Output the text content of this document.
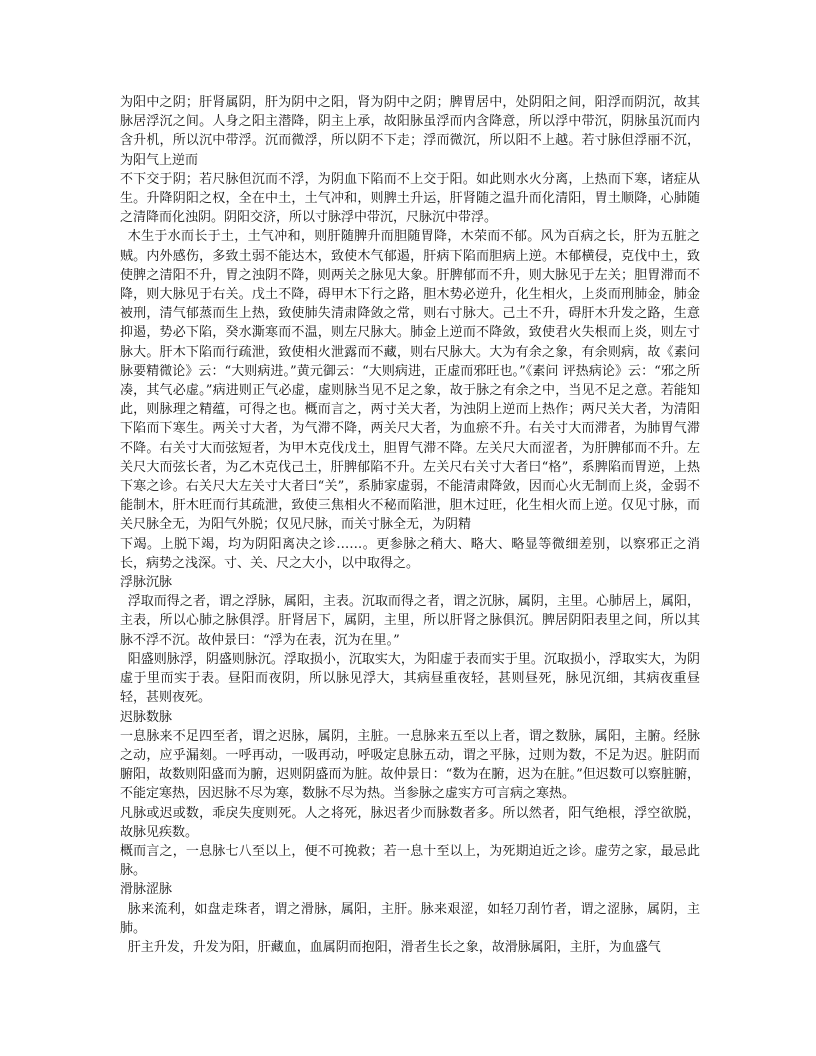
为阳中之阴；肝肾属阴，肝为阴中之阳，肾为阴中之阴；脾胃居中，处阴阳之间，阳浮而阴沉，故其脉居浮沉之间。人身之阳主潜降，阴主上承，故阳脉虽浮而内含降意，所以浮中带沉，阴脉虽沉而内含升机，所以沉中带浮。沉而微浮，所以阴不下走；浮而微沉，所以阳不上越。若寸脉但浮丽不沉，为阳气上逆而

不下交于阴；若尺脉但沉而不浮，为阴血下陷而不上交于阳。如此则水火分离，上热而下寒，诸症从生。升降阴阳之权，全在中土，土气冲和，则脾土升运，肝肾随之温升而化清阳，胃土顺降，心肺随之清降而化浊阴。阴阳交济，所以寸脉浮中带沉，尺脉沉中带浮。

木生于水而长于土，土气冲和，则肝随脾升而胆随胃降，木荣而不郁。风为百病之长，肝为五脏之贼。内外感伤，多致土弱不能达木，致使木气郁遏，肝病下陷而胆病上逆。木郁横侵，克伐中土，致使脾之清阳不升，胃之浊阴不降，则两关之脉见大象。肝脾郁而不升，则大脉见于左关；胆胃滞而不降，则大脉见于右关。戊土不降，碍甲木下行之路，胆木势必逆升，化生相火，上炎而刑肺金，肺金被刑，清气郁蒸而生上热，致使肺失清肃降敛之常，则右寸脉大。己土不升，碍肝木升发之路，生意抑遏，势必下陷，癸水澌寒而不温，则左尺脉大。肺金上逆而不降敛，致使君火失根而上炎，则左寸脉大。肝木下陷而行疏泄，致使相火泄露而不藏，则右尺脉大。大为有余之象，有余则病，故《素问 脉要精微论》云：“大则病进。”黄元御云：“大则病进，正虚而邪旺也。”《素问 评热病论》云：“邪之所凑，其气必虚。”病进则正气必虚，虚则脉当见不足之象，故于脉之有余之中，当见不足之意。若能知此，则脉理之精蕴，可得之也。概而言之，两寸关大者，为浊阴上逆而上热作；两尺关大者，为清阳下陷而下寒生。两关寸大者，为气滞不降，两关尺大者，为血瘀不升。右关寸大而滞者，为肺胃气滞不降。右关寸大而弦短者，为甲木克伐戊土，胆胃气滞不降。左关尺大而涩者，为肝脾郁而不升。左关尺大而弦长者，为乙木克伐己土，肝脾郁陷不升。左关尺右关寸大者曰“格”，系脾陷而胃逆，上热下寒之诊。右关尺大左关寸大者曰“关”，系肺家虚弱，不能清肃降敛，因而心火无制而上炎，金弱不能制木，肝木旺而行其疏泄，致使三焦相火不秘而陷泄，胆木过旺，化生相火而上逆。仅见寸脉，而关尺脉全无，为阳气外脱；仅见尺脉，而关寸脉全无，为阴精

下竭。上脱下竭，均为阴阳离决之诊……。更参脉之稍大、略大、略显等微细差别，以察邪正之消长，病势之浅深。寸、关、尺之大小，以中取得之。

浮脉沉脉

浮取而得之者，谓之浮脉，属阳，主表。沉取而得之者，谓之沉脉，属阴，主里。心肺居上，属阳，主表，所以心肺之脉俱浮。肝肾居下，属阴，主里，所以肝肾之脉俱沉。脾居阴阳表里之间，所以其脉不浮不沉。故仲景曰：“浮为在表，沉为在里。”

阳盛则脉浮，阴盛则脉沉。浮取损小，沉取实大，为阳虚于表而实于里。沉取损小，浮取实大，为阴虚于里而实于表。昼阳而夜阴，所以脉见浮大，其病昼重夜轻，甚则昼死，脉见沉细，其病夜重昼轻，甚则夜死。

迟脉数脉

一息脉来不足四至者，谓之迟脉，属阴，主脏。一息脉来五至以上者，谓之数脉，属阳，主腑。经脉之动，应乎漏刻。一呼再动，一吸再动，呼吸定息脉五动，谓之平脉，过则为数，不足为迟。脏阴而腑阳，故数则阳盛而为腑，迟则阴盛而为脏。故仲景日：“数为在腑，迟为在脏。”但迟数可以察脏腑，不能定寒热，因迟脉不尽为寒，数脉不尽为热。当参脉之虚实方可言病之寒热。

凡脉或迟或数，乖戾失度则死。人之将死，脉迟者少而脉数者多。所以然者，阳气绝根，浮空欲脱，故脉见疾数。

概而言之，一息脉七八至以上，便不可挽救；若一息十至以上，为死期迫近之诊。虚劳之家，最忌此脉。

滑脉涩脉

脉来流利，如盘走珠者，谓之滑脉，属阳，主肝。脉来艰涩，如轻刀刮竹者，谓之涩脉，属阴，主肺。

肝主升发，升发为阳，肝藏血，血属阴而抱阳，滑者生长之象，故滑脉属阳，主肝，为血盛气
